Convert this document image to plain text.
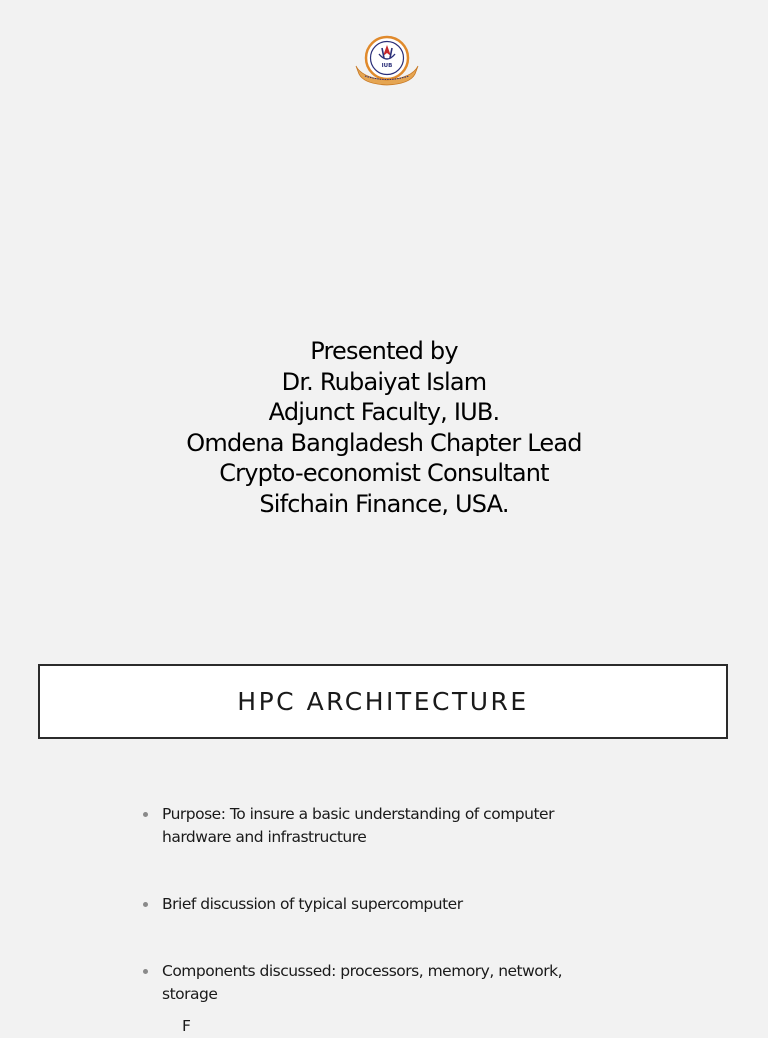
IUB
Presented by
Dr. Rubaiyat Islam
Adjunct Faculty, IUB.
Omdena Bangladesh Chapter Lead
Crypto-economist Consultant
Sifchain Finance, USA.
HPC ARCHITECTURE
Purpose: To insure a basic understanding of computer hardware and infrastructure
Brief discussion of typical supercomputer
Components discussed: processors, memory, network, storage
F
